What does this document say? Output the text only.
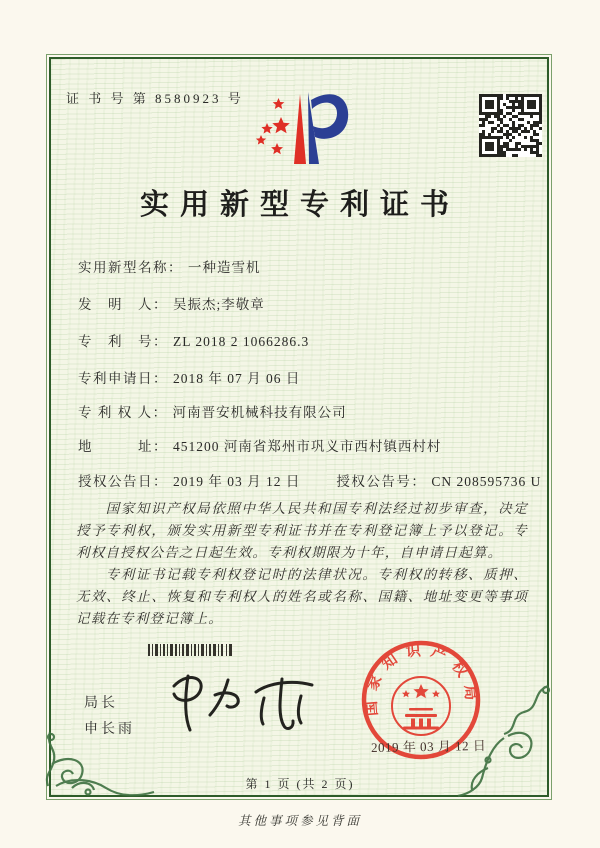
证 书 号 第 8580923 号
实用新型专利证书
实用新型名称： 一种造雪机
发　明　人： 吴振杰;李敬章
专　利　号： ZL 2018 2 1066286.3
专利申请日： 2018 年 07 月 06 日
专 利 权 人： 河南晋安机械科技有限公司
地　　　址： 451200 河南省郑州市巩义市西村镇西村村
授权公告日： 2019 年 03 月 12 日	授权公告号： CN 208595736 U

国家知识产权局依照中华人民共和国专利法经过初步审查，决定授予专利权，颁发实用新型专利证书并在专利登记簿上予以登记。专利权自授权公告之日起生效。专利权期限为十年，自申请日起算。

专利证书记载专利权登记时的法律状况。专利权的转移、质押、无效、终止、恢复和专利权人的姓名或名称、国籍、地址变更等事项记载在专利登记簿上。

局长
申长雨
国家知识产权局
2019 年 03 月 12 日
第 1 页 (共 2 页)
其他事项参见背面
